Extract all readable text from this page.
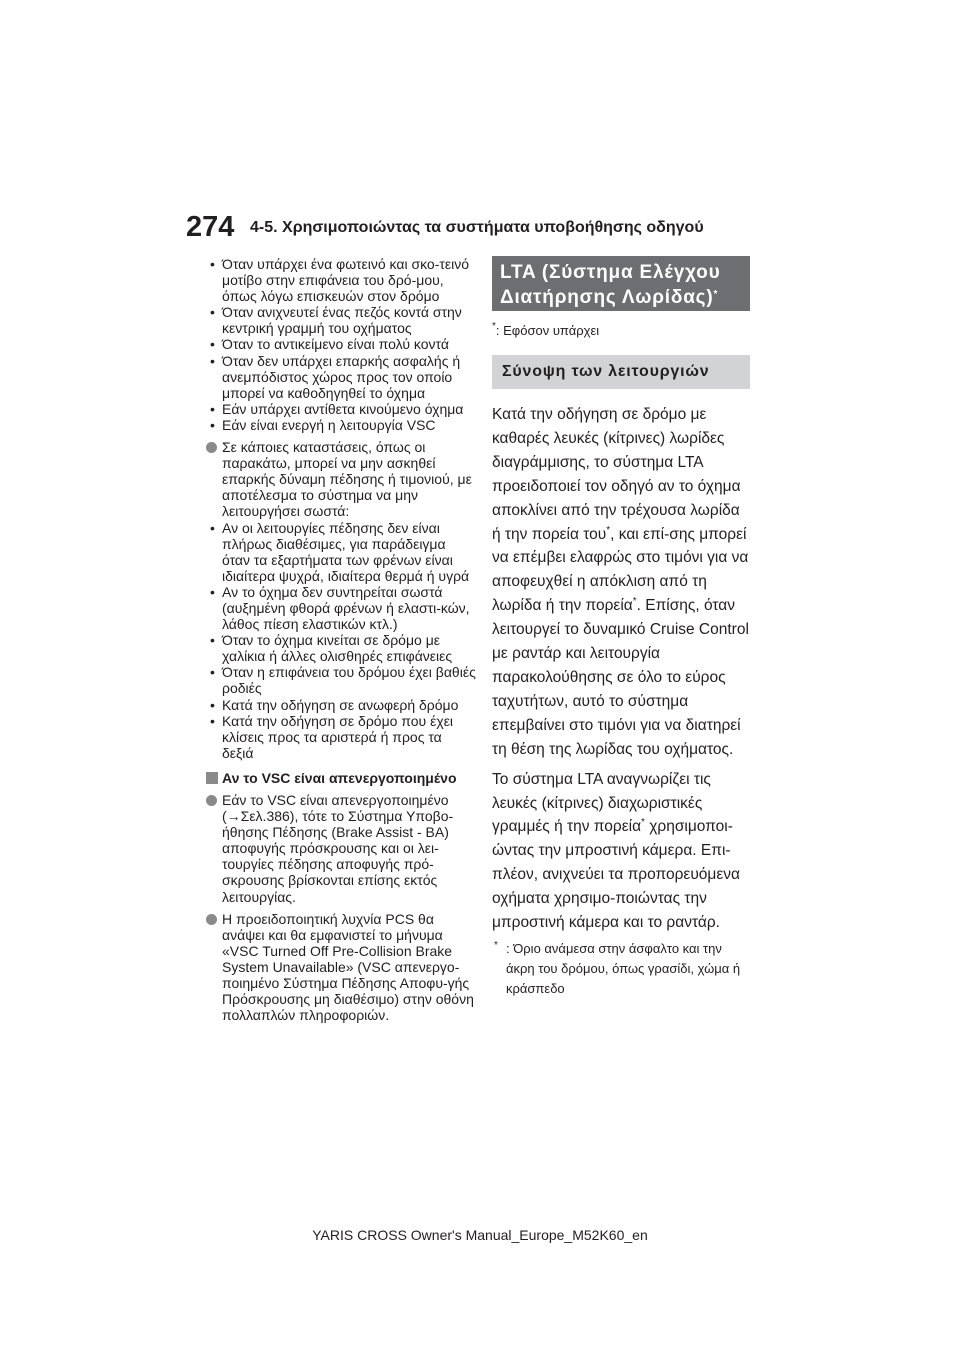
274 4-5. Χρησιμοποιώντας τα συστήματα υποβοήθησης οδηγού
• Όταν υπάρχει ένα φωτεινό και σκο-τεινό μοτίβο στην επιφάνεια του δρό-μου, όπως λόγω επισκευών στον δρόμο
• Όταν ανιχνευτεί ένας πεζός κοντά στην κεντρική γραμμή του οχήματος
• Όταν το αντικείμενο είναι πολύ κοντά
• Όταν δεν υπάρχει επαρκής ασφαλής ή ανεμπόδιστος χώρος προς τον οποίο μπορεί να καθοδηγηθεί το όχημα
• Εάν υπάρχει αντίθετα κινούμενο όχημα
• Εάν είναι ενεργή η λειτουργία VSC
Σε κάποιες καταστάσεις, όπως οι παρακάτω, μπορεί να μην ασκηθεί επαρκής δύναμη πέδησης ή τιμονιού, με αποτέλεσμα το σύστημα να μην λειτουργήσει σωστά:
• Αν οι λειτουργίες πέδησης δεν είναι πλήρως διαθέσιμες, για παράδειγμα όταν τα εξαρτήματα των φρένων είναι ιδιαίτερα ψυχρά, ιδιαίτερα θερμά ή υγρά
• Αν το όχημα δεν συντηρείται σωστά (αυξημένη φθορά φρένων ή ελαστι-κών, λάθος πίεση ελαστικών κτλ.)
• Όταν το όχημα κινείται σε δρόμο με χαλίκια ή άλλες ολισθηρές επιφάνειες
• Όταν η επιφάνεια του δρόμου έχει βαθιές ροδιές
• Κατά την οδήγηση σε ανωφερή δρόμο
• Κατά την οδήγηση σε δρόμο που έχει κλίσεις προς τα αριστερά ή προς τα δεξιά
Αν το VSC είναι απενεργοποιημένο
Εάν το VSC είναι απενεργοποιημένο (→Σελ.386), τότε το Σύστημα Υποβο-ήθησης Πέδησης (Brake Assist - BA) αποφυγής πρόσκρουσης και οι λει-τουργίες πέδησης αποφυγής πρό-σκρουσης βρίσκονται επίσης εκτός λειτουργίας.
Η προειδοποιητική λυχνία PCS θα ανάψει και θα εμφανιστεί το μήνυμα «VSC Turned Off Pre-Collision Brake System Unavailable» (VSC απενεργο-ποιημένο Σύστημα Πέδησης Αποφυ-γής Πρόσκρουσης μη διαθέσιμο) στην οθόνη πολλαπλών πληροφοριών.
LTA (Σύστημα Ελέγχου Διατήρησης Λωρίδας)*
*: Εφόσον υπάρχει
Σύνοψη των λειτουργιών
Κατά την οδήγηση σε δρόμο με καθαρές λευκές (κίτρινες) λωρίδες διαγράμμισης, το σύστημα LTA προειδοποιεί τον οδηγό αν το όχημα αποκλίνει από την τρέχουσα λωρίδα ή την πορεία του*, και επί-σης μπορεί να επέμβει ελαφρώς στο τιμόνι για να αποφευχθεί η απόκλιση από τη λωρίδα ή την πορεία*. Επίσης, όταν λειτουργεί το δυναμικό Cruise Control με ραντάρ και λειτουργία παρακολούθησης σε όλο το εύρος ταχυτήτων, αυτό το σύστημα επεμβαίνει στο τιμόνι για να διατηρεί τη θέση της λωρίδας του οχήματος.
Το σύστημα LTA αναγνωρίζει τις λευκές (κίτρινες) διαχωριστικές γραμμές ή την πορεία* χρησιμοποι-ώντας την μπροστινή κάμερα. Επι-πλέον, ανιχνεύει τα προπορευόμενα οχήματα χρησιμο-ποιώντας την μπροστινή κάμερα και το ραντάρ.
* : Όριο ανάμεσα στην άσφαλτο και την άκρη του δρόμου, όπως γρασίδι, χώμα ή κράσπεδο
YARIS CROSS Owner's Manual_Europe_M52K60_en
